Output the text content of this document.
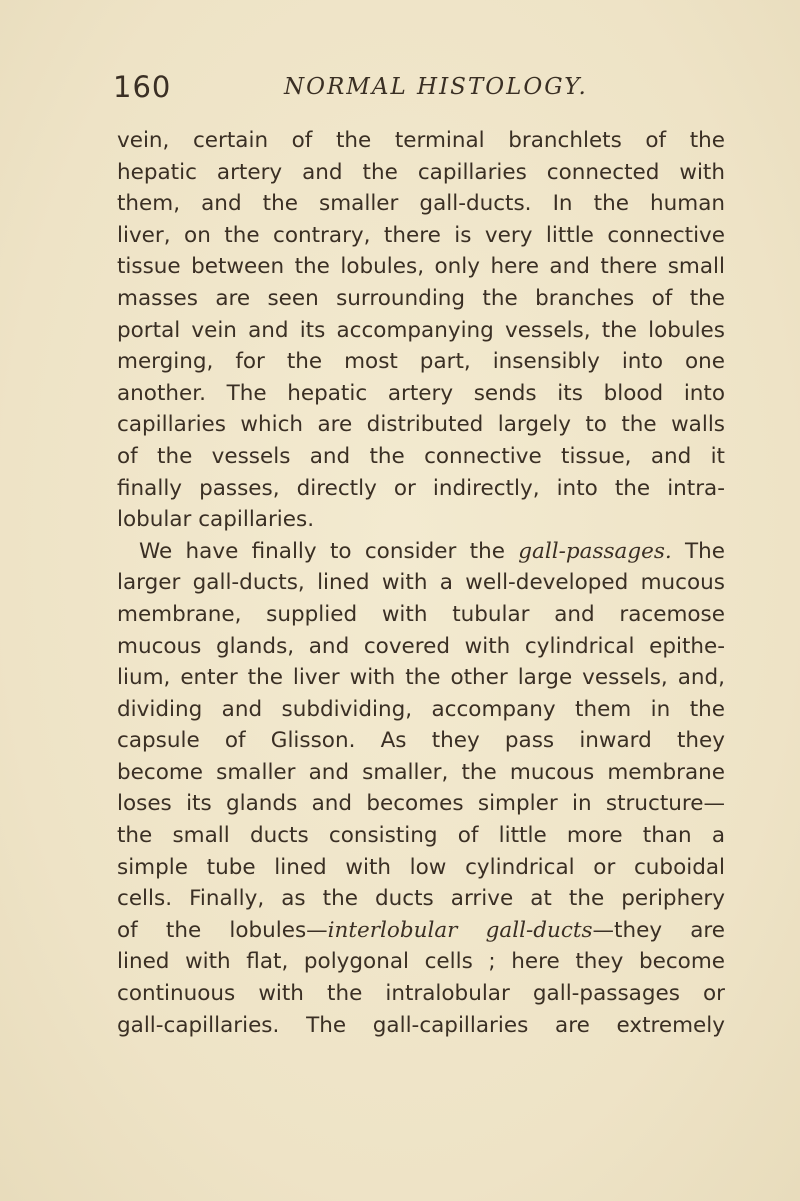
160	NORMAL HISTOLOGY.
vein, certain of the terminal branchlets of the
hepatic artery and the capillaries connected with
them, and the smaller gall-ducts. In the human
liver, on the contrary, there is very little connective
tissue between the lobules, only here and there small
masses are seen surrounding the branches of the
portal vein and its accompanying vessels, the lobules
merging, for the most part, insensibly into one
another. The hepatic artery sends its blood into
capillaries which are distributed largely to the walls
of the vessels and the connective tissue, and it
finally passes, directly or indirectly, into the intra-
lobular capillaries.
We have finally to consider the gall-passages. The
larger gall-ducts, lined with a well-developed mucous
membrane, supplied with tubular and racemose
mucous glands, and covered with cylindrical epithe-
lium, enter the liver with the other large vessels, and,
dividing and subdividing, accompany them in the
capsule of Glisson. As they pass inward they
become smaller and smaller, the mucous membrane
loses its glands and becomes simpler in structure—
the small ducts consisting of little more than a
simple tube lined with low cylindrical or cuboidal
cells. Finally, as the ducts arrive at the periphery
of the lobules—interlobular gall-ducts—they are
lined with flat, polygonal cells ; here they become
continuous with the intralobular gall-passages or
gall-capillaries. The gall-capillaries are extremely
